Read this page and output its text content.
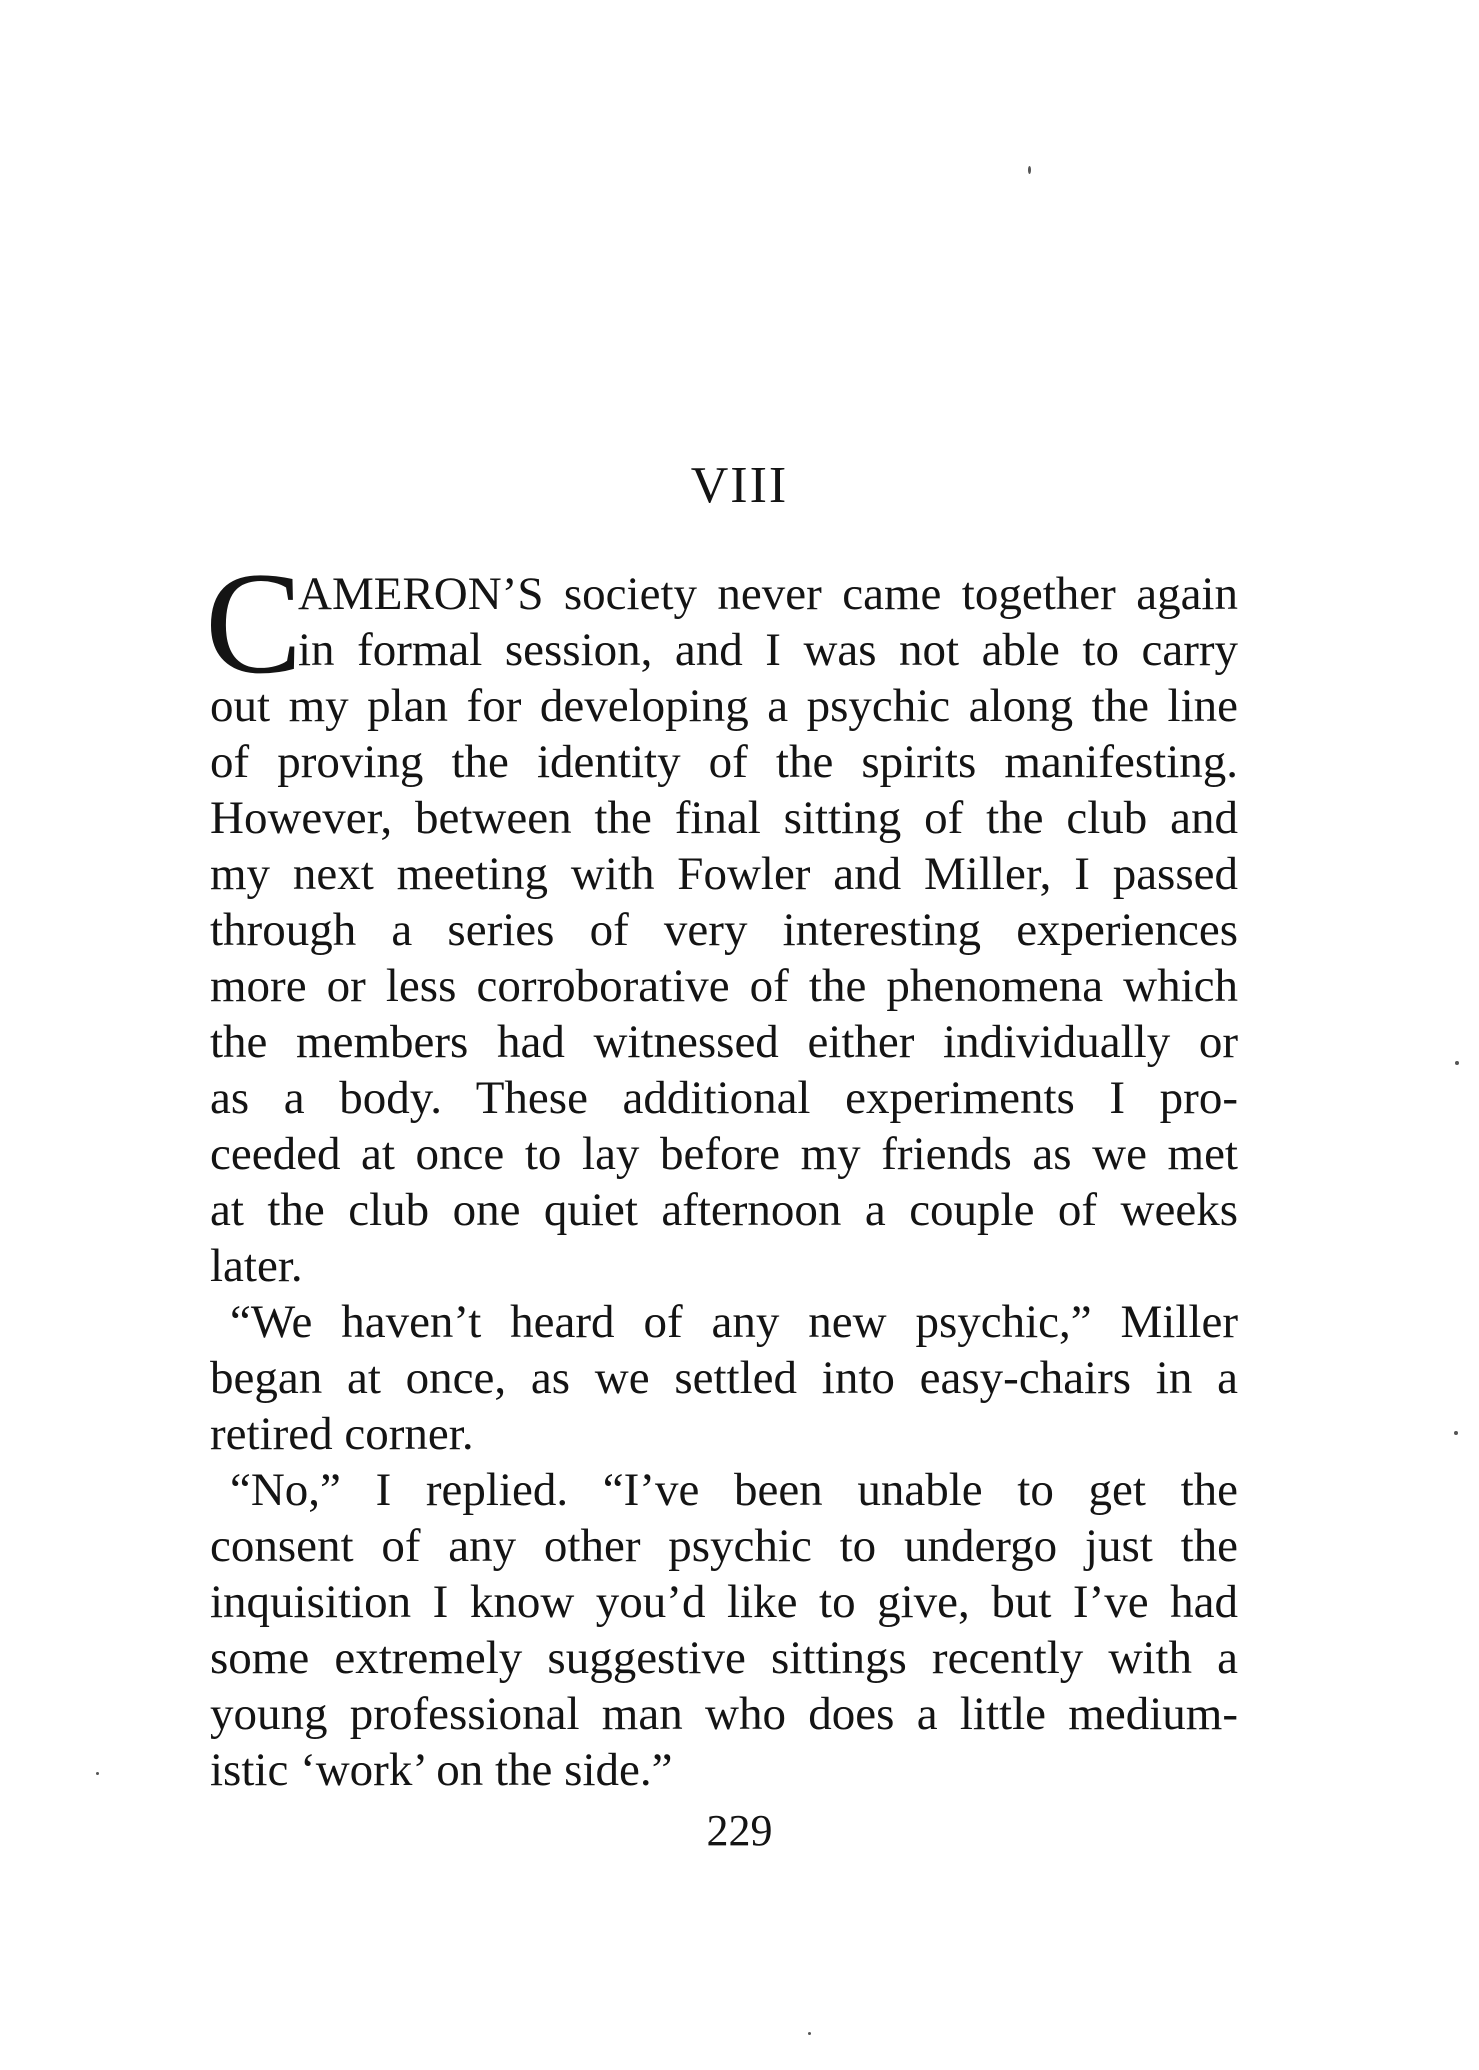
VIII
C
AMERON’S society never came together again
in formal session, and I was not able to carry
out my plan for developing a psychic along the line
of proving the identity of the spirits manifesting.
However, between the final sitting of the club and
my next meeting with Fowler and Miller, I passed
through a series of very interesting experiences
more or less corroborative of the phenomena which
the members had witnessed either individually or
as a body. These additional experiments I pro-
ceeded at once to lay before my friends as we met
at the club one quiet afternoon a couple of weeks
later.
“We haven’t heard of any new psychic,” Miller
began at once, as we settled into easy-chairs in a
retired corner.
“No,” I replied. “I’ve been unable to get the
consent of any other psychic to undergo just the
inquisition I know you’d like to give, but I’ve had
some extremely suggestive sittings recently with a
young professional man who does a little medium-
istic ‘work’ on the side.”
229
